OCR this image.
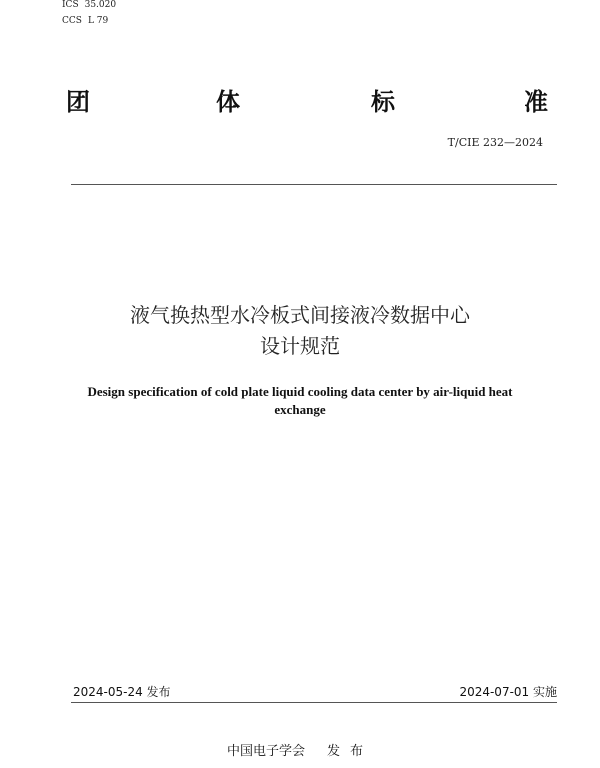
ICS 35.020
CCS L 79
团	体	标	准
T/CIE 232—2024
液气换热型水冷板式间接液冷数据中心
设计规范
Design specification of cold plate liquid cooling data center by air-liquid heat exchange
2024-05-24 发布	2024-07-01 实施
中国电子学会 发布
